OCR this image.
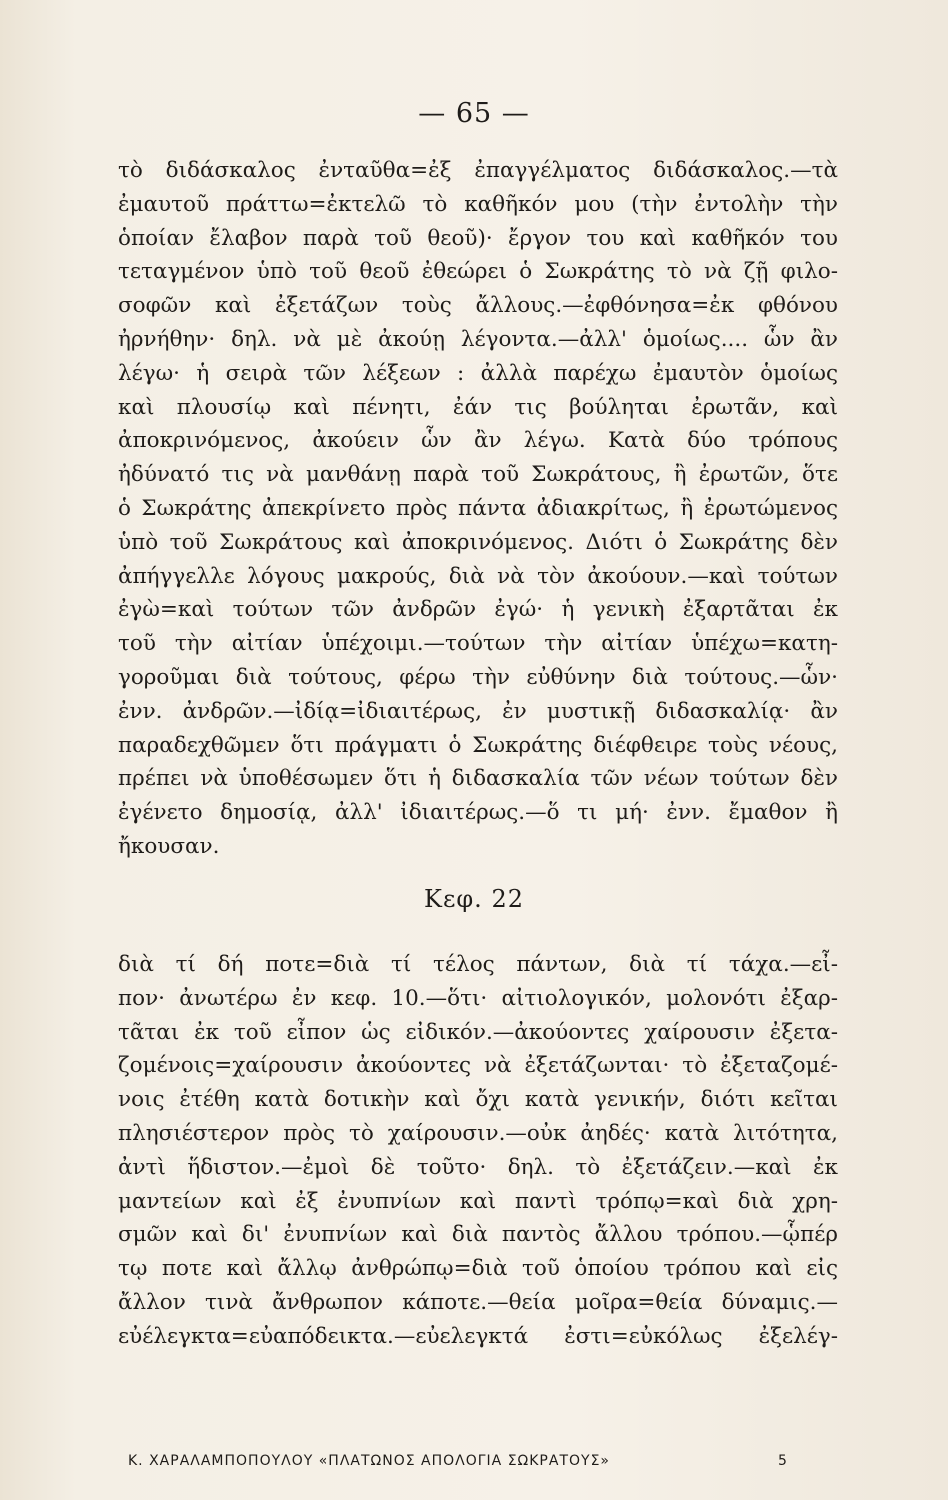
— 65 —
τὸ διδάσκαλος ἐνταῦθα=ἐξ ἐπαγγέλματος διδάσκαλος.—τὰ
ἐμαυτοῦ πράττω=ἐκτελῶ τὸ καθῆκόν μου (τὴν ἐντολὴν τὴν
ὁποίαν ἔλαβον παρὰ τοῦ θεοῦ)· ἔργον του καὶ καθῆκόν του
τεταγμένον ὑπὸ τοῦ θεοῦ ἐθεώρει ὁ Σωκράτης τὸ νὰ ζῇ φιλο-
σοφῶν καὶ ἐξετάζων τοὺς ἄλλους.—ἐφθόνησα=ἐκ φθόνου
ἠρνήθην· δηλ. νὰ μὲ ἀκούῃ λέγοντα.—ἀλλ' ὁμοίως.... ὧν ἂν
λέγω· ἡ σειρὰ τῶν λέξεων : ἀλλὰ παρέχω ἐμαυτὸν ὁμοίως
καὶ πλουσίῳ καὶ πένητι, ἐάν τις βούληται ἐρωτᾶν, καὶ
ἀποκρινόμενος, ἀκούειν ὧν ἂν λέγω. Κατὰ δύο τρόπους
ἠδύνατό τις νὰ μανθάνῃ παρὰ τοῦ Σωκράτους, ἢ ἐρωτῶν, ὅτε
ὁ Σωκράτης ἀπεκρίνετο πρὸς πάντα ἀδιακρίτως, ἢ ἐρωτώμενος
ὑπὸ τοῦ Σωκράτους καὶ ἀποκρινόμενος. Διότι ὁ Σωκράτης δὲν
ἀπήγγελλε λόγους μακρούς, διὰ νὰ τὸν ἀκούουν.—καὶ τούτων
ἐγὼ=καὶ τούτων τῶν ἀνδρῶν ἐγώ· ἡ γενικὴ ἐξαρτᾶται ἐκ
τοῦ τὴν αἰτίαν ὑπέχοιμι.—τούτων τὴν αἰτίαν ὑπέχω=κατη-
γοροῦμαι διὰ τούτους, φέρω τὴν εὐθύνην διὰ τούτους.—ὧν·
ἐνν. ἀνδρῶν.—ἰδίᾳ=ἰδιαιτέρως, ἐν μυστικῇ διδασκαλίᾳ· ἂν
παραδεχθῶμεν ὅτι πράγματι ὁ Σωκράτης διέφθειρε τοὺς νέους,
πρέπει νὰ ὑποθέσωμεν ὅτι ἡ διδασκαλία τῶν νέων τούτων δὲν
ἐγένετο δημοσίᾳ, ἀλλ' ἰδιαιτέρως.—ὅ τι μή· ἐνν. ἔμαθον ἢ
ἤκουσαν.
Κεφ. 22
διὰ τί δή ποτε=διὰ τί τέλος πάντων, διὰ τί τάχα.—εἶ-
πον· ἀνωτέρω ἐν κεφ. 10.—ὅτι· αἰτιολογικόν, μολονότι ἐξαρ-
τᾶται ἐκ τοῦ εἶπον ὡς εἰδικόν.—ἀκούοντες χαίρουσιν ἐξετα-
ζομένοις=χαίρουσιν ἀκούοντες νὰ ἐξετάζωνται· τὸ ἐξεταζομέ-
νοις ἐτέθη κατὰ δοτικὴν καὶ ὄχι κατὰ γενικήν, διότι κεῖται
πλησιέστερον πρὸς τὸ χαίρουσιν.—οὐκ ἀηδές· κατὰ λιτότητα,
ἀντὶ ἥδιστον.—ἐμοὶ δὲ τοῦτο· δηλ. τὸ ἐξετάζειν.—καὶ ἐκ
μαντείων καὶ ἐξ ἐνυπνίων καὶ παντὶ τρόπῳ=καὶ διὰ χρη-
σμῶν καὶ δι' ἐνυπνίων καὶ διὰ παντὸς ἄλλου τρόπου.—ᾧπέρ
τῳ ποτε καὶ ἄλλῳ ἀνθρώπῳ=διὰ τοῦ ὁποίου τρόπου καὶ εἰς
ἄλλον τινὰ ἄνθρωπον κάποτε.—θεία μοῖρα=θεία δύναμις.—
εὐέλεγκτα=εὐαπόδεικτα.—εὐελεγκτά ἐστι=εὐκόλως ἐξελέγ-
Κ. ΧΑΡΑΛΑΜΠΟΠΟΥΛΟΥ «ΠΛΑΤΩΝΟΣ ΑΠΟΛΟΓΙΑ ΣΩΚΡΑΤΟΥΣ»	5
